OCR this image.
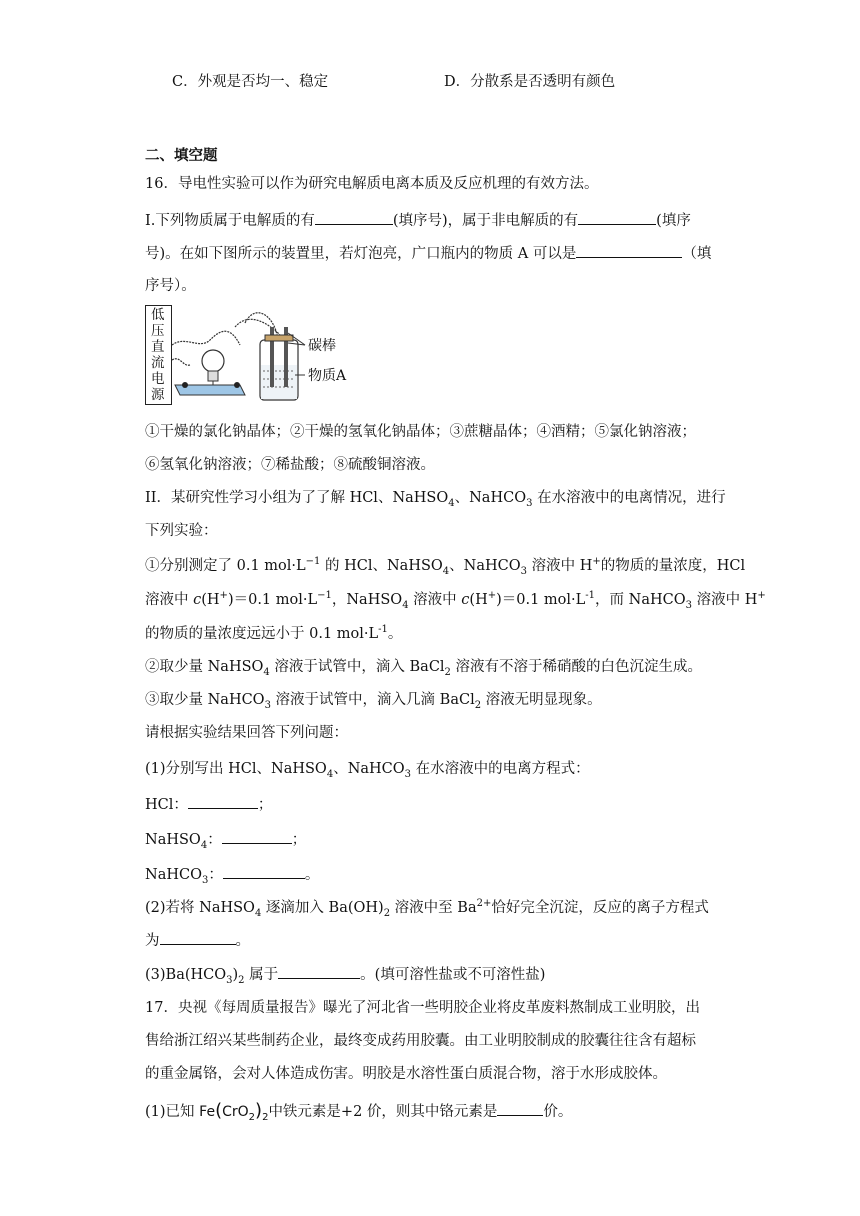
C．外观是否均一、稳定	D．分散系是否透明有颜色
二、填空题
16．导电性实验可以作为研究电解质电离本质及反应机理的有效方法。
Ⅰ.下列物质属于电解质的有	(填序号)，属于非电解质的有	(填序
号)。在如下图所示的装置里，若灯泡亮，广口瓶内的物质 A 可以是	（填
序号）。
低压直流电源
碳棒
物质A
①干燥的氯化钠晶体；②干燥的氢氧化钠晶体；③蔗糖晶体；④酒精；⑤氯化钠溶液；
⑥氢氧化钠溶液；⑦稀盐酸；⑧硫酸铜溶液。
II．某研究性学习小组为了了解 HCl、NaHSO$_4$、NaHCO$_3$ 在水溶液中的电离情况，进行
下列实验：
①分别测定了 0.1 $mol\cdot L^{-1}$ 的 HCl、NaHSO$_4$、NaHCO$_3$ 溶液中 H+的物质的量浓度，HCl
溶液中 c(H+)＝0.1 $mol\cdot L^{-1}$，NaHSO$_4$ 溶液中 c(H+)＝0.1 $mol\cdot L^{-1}$，而 NaHCO$_3$ 溶液中 H+
的物质的量浓度远远小于 0.1 $mol\cdot L^{-1}$。
②取少量 NaHSO$_4$ 溶液于试管中，滴入 BaCl$_2$ 溶液有不溶于稀硝酸的白色沉淀生成。
③取少量 NaHCO$_3$ 溶液于试管中，滴入几滴 BaCl$_2$ 溶液无明显现象。
请根据实验结果回答下列问题：
(1)分别写出 HCl、NaHSO$_4$、NaHCO$_3$ 在水溶液中的电离方程式：
HCl：	；
NaHSO$_4$：	；
NaHCO$_3$：	。
(2)若将 NaHSO$_4$ 逐滴加入 $Ba(OH)_2$ 溶液中至 $Ba^{2+}$恰好完全沉淀，反应的离子方程式
为	。
$(3)Ba(HCO_3)_2$ 属于	。(填可溶性盐或不可溶性盐)
17．央视《每周质量报告》曝光了河北省一些明胶企业将皮革废料熬制成工业明胶，出
售给浙江绍兴某些制药企业，最终变成药用胶囊。由工业明胶制成的胶囊往往含有超标
的重金属铬，会对人体造成伤害。明胶是水溶性蛋白质混合物，溶于水形成胶体。
(1)已知 $Fe(CrO_2)_2$中铁元素是+2 价，则其中铬元素是	价。
